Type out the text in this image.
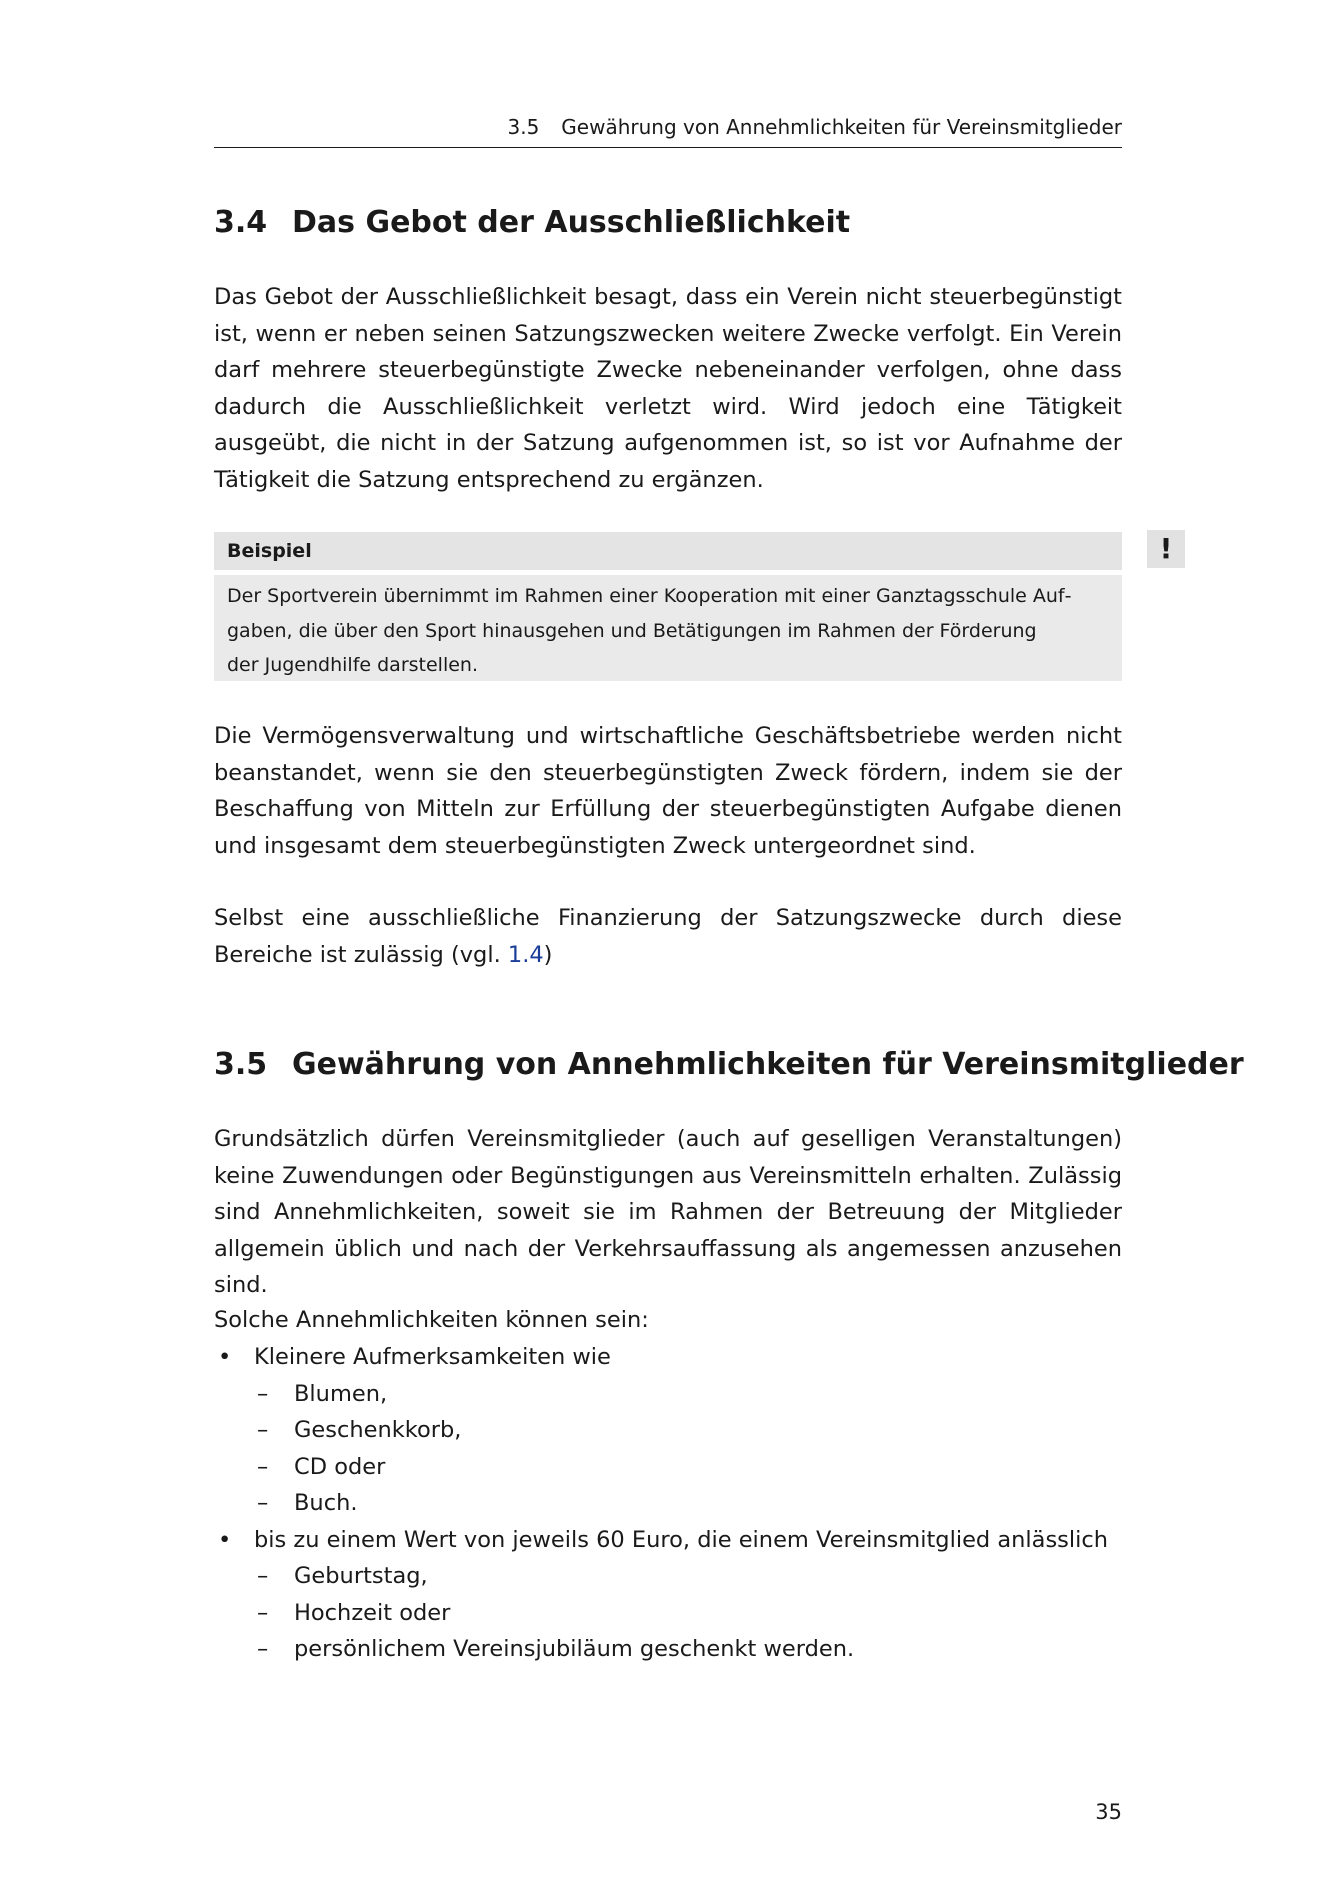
3.5 Gewährung von Annehmlichkeiten für Vereinsmitglieder
3.4 Das Gebot der Ausschließlichkeit

Das Gebot der Ausschließlichkeit besagt, dass ein Verein nicht steuerbegünstigt ist, wenn er neben seinen Satzungszwecken weitere Zwecke verfolgt. Ein Verein darf mehrere steuerbegünstigte Zwecke nebeneinander verfolgen, ohne dass dadurch die Ausschließlichkeit verletzt wird. Wird jedoch eine Tätigkeit ausgeübt, die nicht in der Satzung aufgenommen ist, so ist vor Aufnahme der Tätigkeit die Satzung entsprechend zu ergänzen.

Beispiel
Der Sportverein übernimmt im Rahmen einer Kooperation mit einer Ganztagsschule Aufgaben, die über den Sport hinausgehen und Betätigungen im Rahmen der Förderung der Jugendhilfe darstellen.
!

Die Vermögensverwaltung und wirtschaftliche Geschäftsbetriebe werden nicht beanstandet, wenn sie den steuerbegünstigten Zweck fördern, indem sie der Beschaffung von Mitteln zur Erfüllung der steuerbegünstigten Aufgabe dienen und insgesamt dem steuerbegünstigten Zweck untergeordnet sind.

Selbst eine ausschließliche Finanzierung der Satzungszwecke durch diese Bereiche ist zulässig (vgl. 1.4)

3.5 Gewährung von Annehmlichkeiten für Vereinsmitglieder

Grundsätzlich dürfen Vereinsmitglieder (auch auf geselligen Veranstaltungen) keine Zuwendungen oder Begünstigungen aus Vereinsmitteln erhalten. Zulässig sind Annehmlichkeiten, soweit sie im Rahmen der Betreuung der Mitglieder allgemein üblich und nach der Verkehrsauffassung als angemessen anzusehen sind.

Solche Annehmlichkeiten können sein:

• Kleinere Aufmerksamkeiten wie
– Blumen,
– Geschenkkorb,
– CD oder
– Buch.
• bis zu einem Wert von jeweils 60 Euro, die einem Vereinsmitglied anlässlich
– Geburtstag,
– Hochzeit oder
– persönlichem Vereinsjubiläum geschenkt werden.
35
